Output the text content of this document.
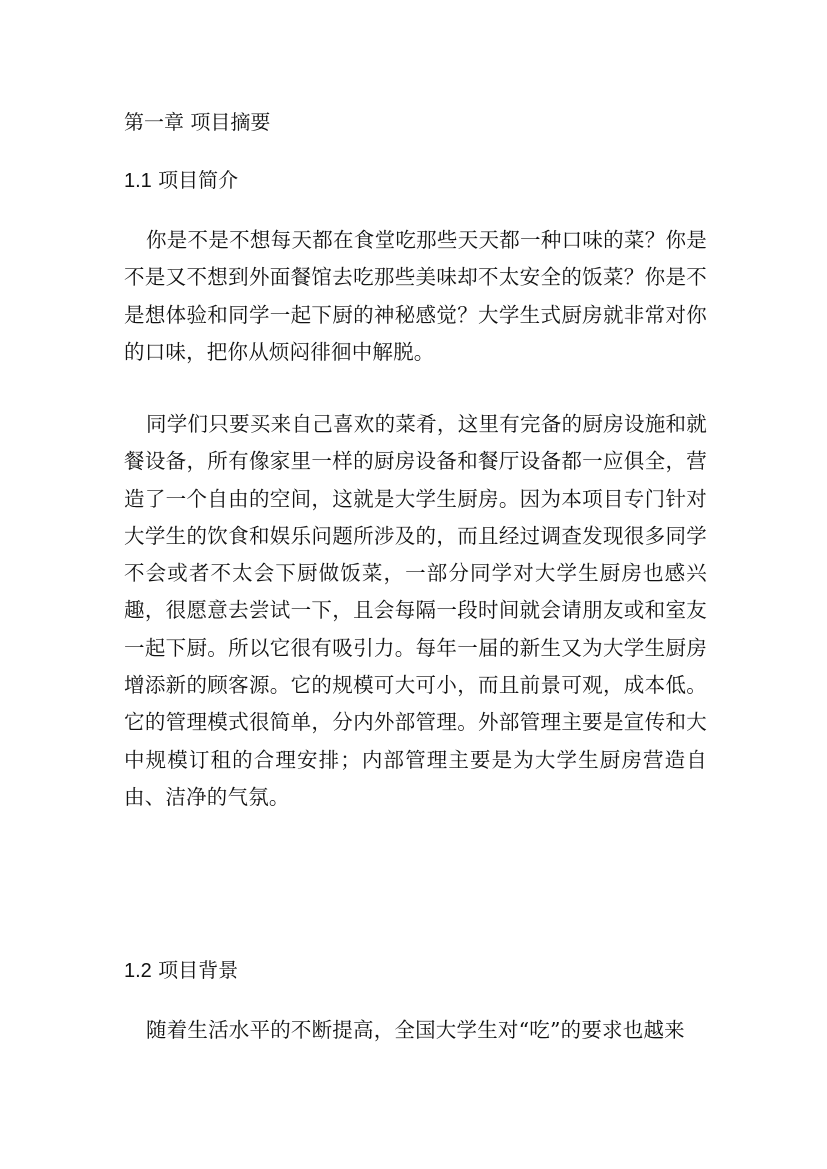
第一章 项目摘要
1.1 项目简介

你是不是不想每天都在食堂吃那些天天都一种口味的菜？你是不是又不想到外面餐馆去吃那些美味却不太安全的饭菜？你是不是想体验和同学一起下厨的神秘感觉？大学生式厨房就非常对你的口味，把你从烦闷徘徊中解脱。

同学们只要买来自己喜欢的菜肴，这里有完备的厨房设施和就餐设备，所有像家里一样的厨房设备和餐厅设备都一应俱全，营造了一个自由的空间，这就是大学生厨房。因为本项目专门针对大学生的饮食和娱乐问题所涉及的，而且经过调查发现很多同学不会或者不太会下厨做饭菜，一部分同学对大学生厨房也感兴趣，很愿意去尝试一下，且会每隔一段时间就会请朋友或和室友一起下厨。所以它很有吸引力。每年一届的新生又为大学生厨房增添新的顾客源。它的规模可大可小，而且前景可观，成本低。它的管理模式很简单，分内外部管理。外部管理主要是宣传和大中规模订租的合理安排；内部管理主要是为大学生厨房营造自由、洁净的气氛。

1.2 项目背景

随着生活水平的不断提高，全国大学生对“吃”的要求也越来
